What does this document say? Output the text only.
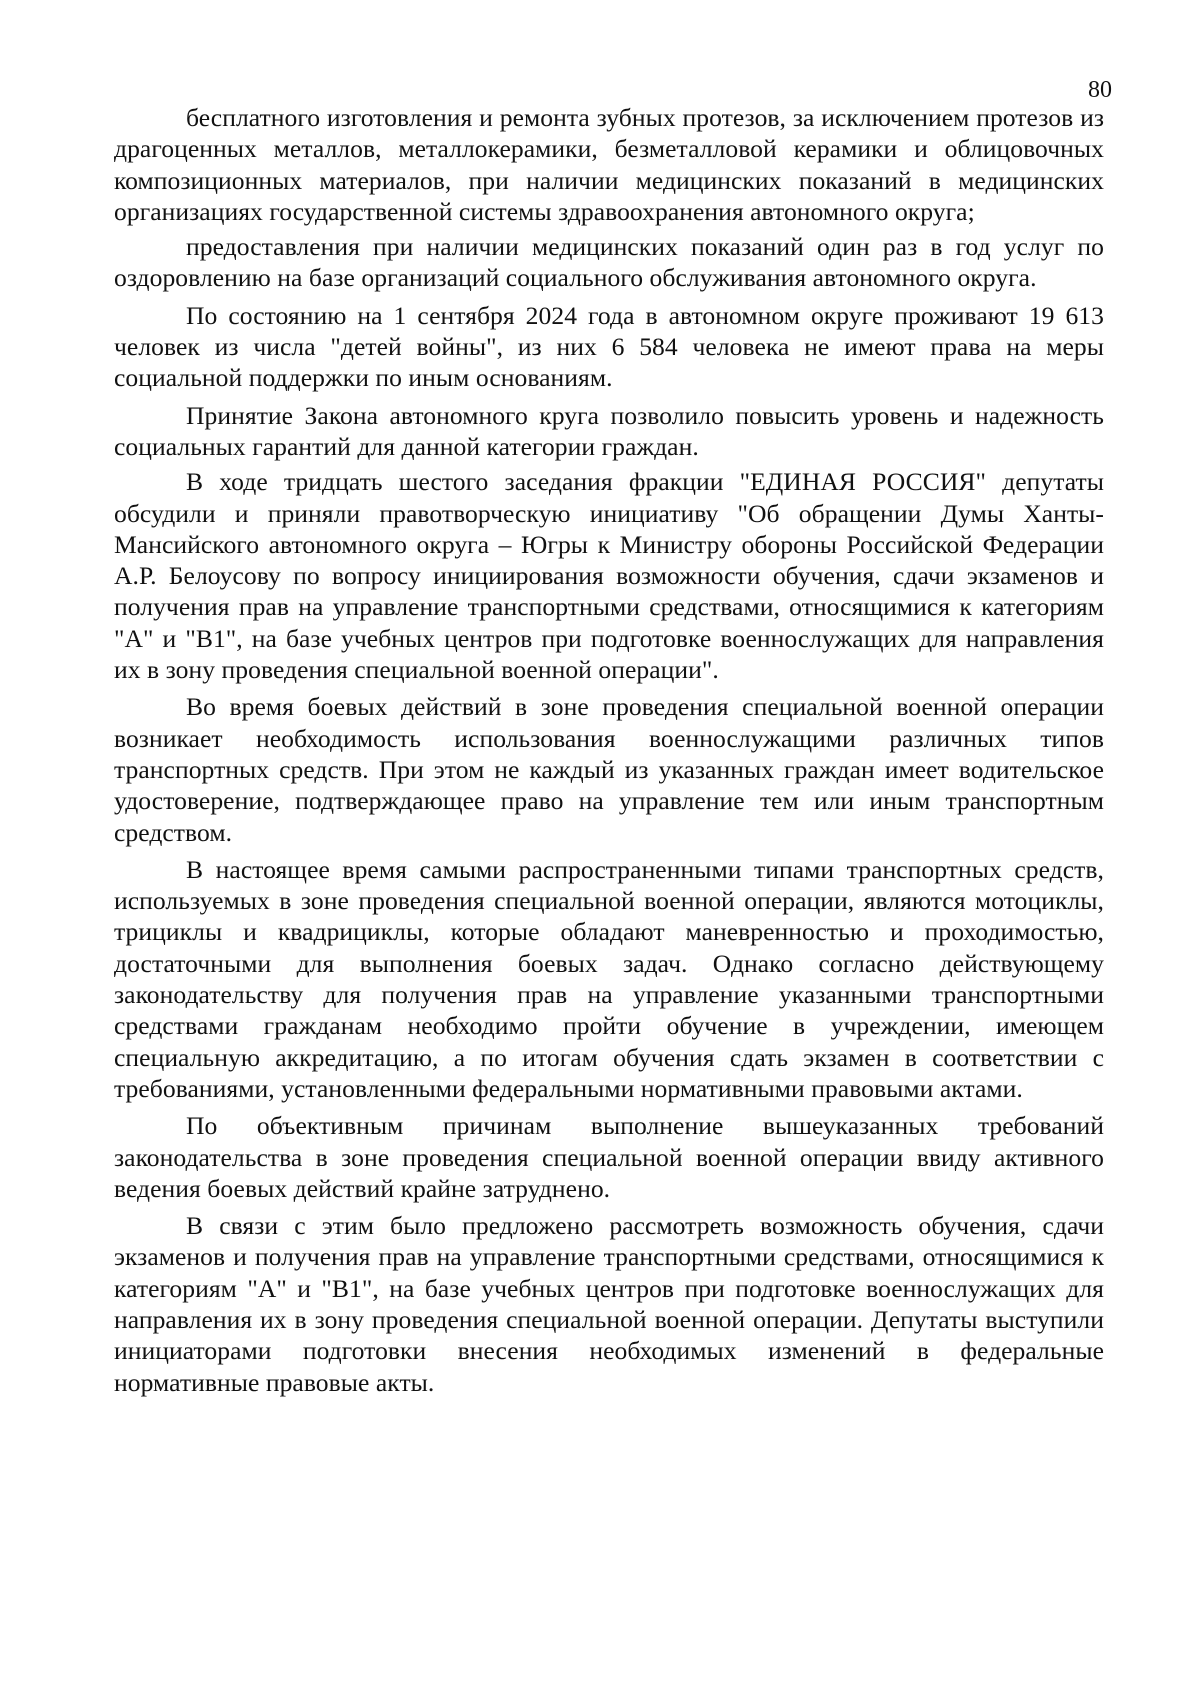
80

бесплатного изготовления и ремонта зубных протезов, за исключением протезов из драгоценных металлов, металлокерамики, безметалловой керамики и облицовочных композиционных материалов, при наличии медицинских показаний в медицинских организациях государственной системы здравоохранения автономного округа;

предоставления при наличии медицинских показаний один раз в год услуг по оздоровлению на базе организаций социального обслуживания автономного округа.

По состоянию на 1 сентября 2024 года в автономном округе проживают 19 613 человек из числа "детей войны", из них 6 584 человека не имеют права на меры социальной поддержки по иным основаниям.

Принятие Закона автономного круга позволило повысить уровень и надежность социальных гарантий для данной категории граждан.

В ходе тридцать шестого заседания фракции "ЕДИНАЯ РОССИЯ" депутаты обсудили и приняли правотворческую инициативу "Об обращении Думы Ханты-Мансийского автономного округа – Югры к Министру обороны Российской Федерации А.Р. Белоусову по вопросу инициирования возможности обучения, сдачи экзаменов и получения прав на управление транспортными средствами, относящимися к категориям "А" и "В1", на базе учебных центров при подготовке военнослужащих для направления их в зону проведения специальной военной операции".

Во время боевых действий в зоне проведения специальной военной операции возникает необходимость использования военнослужащими различных типов транспортных средств. При этом не каждый из указанных граждан имеет водительское удостоверение, подтверждающее право на управление тем или иным транспортным средством.

В настоящее время самыми распространенными типами транспортных средств, используемых в зоне проведения специальной военной операции, являются мотоциклы, трициклы и квадрициклы, которые обладают маневренностью и проходимостью, достаточными для выполнения боевых задач. Однако согласно действующему законодательству для получения прав на управление указанными транспортными средствами гражданам необходимо пройти обучение в учреждении, имеющем специальную аккредитацию, а по итогам обучения сдать экзамен в соответствии с требованиями, установленными федеральными нормативными правовыми актами.

По объективным причинам выполнение вышеуказанных требований законодательства в зоне проведения специальной военной операции ввиду активного ведения боевых действий крайне затруднено.

В связи с этим было предложено рассмотреть возможность обучения, сдачи экзаменов и получения прав на управление транспортными средствами, относящимися к категориям "А" и "В1", на базе учебных центров при подготовке военнослужащих для направления их в зону проведения специальной военной операции. Депутаты выступили инициаторами подготовки внесения необходимых изменений в федеральные нормативные правовые акты.
